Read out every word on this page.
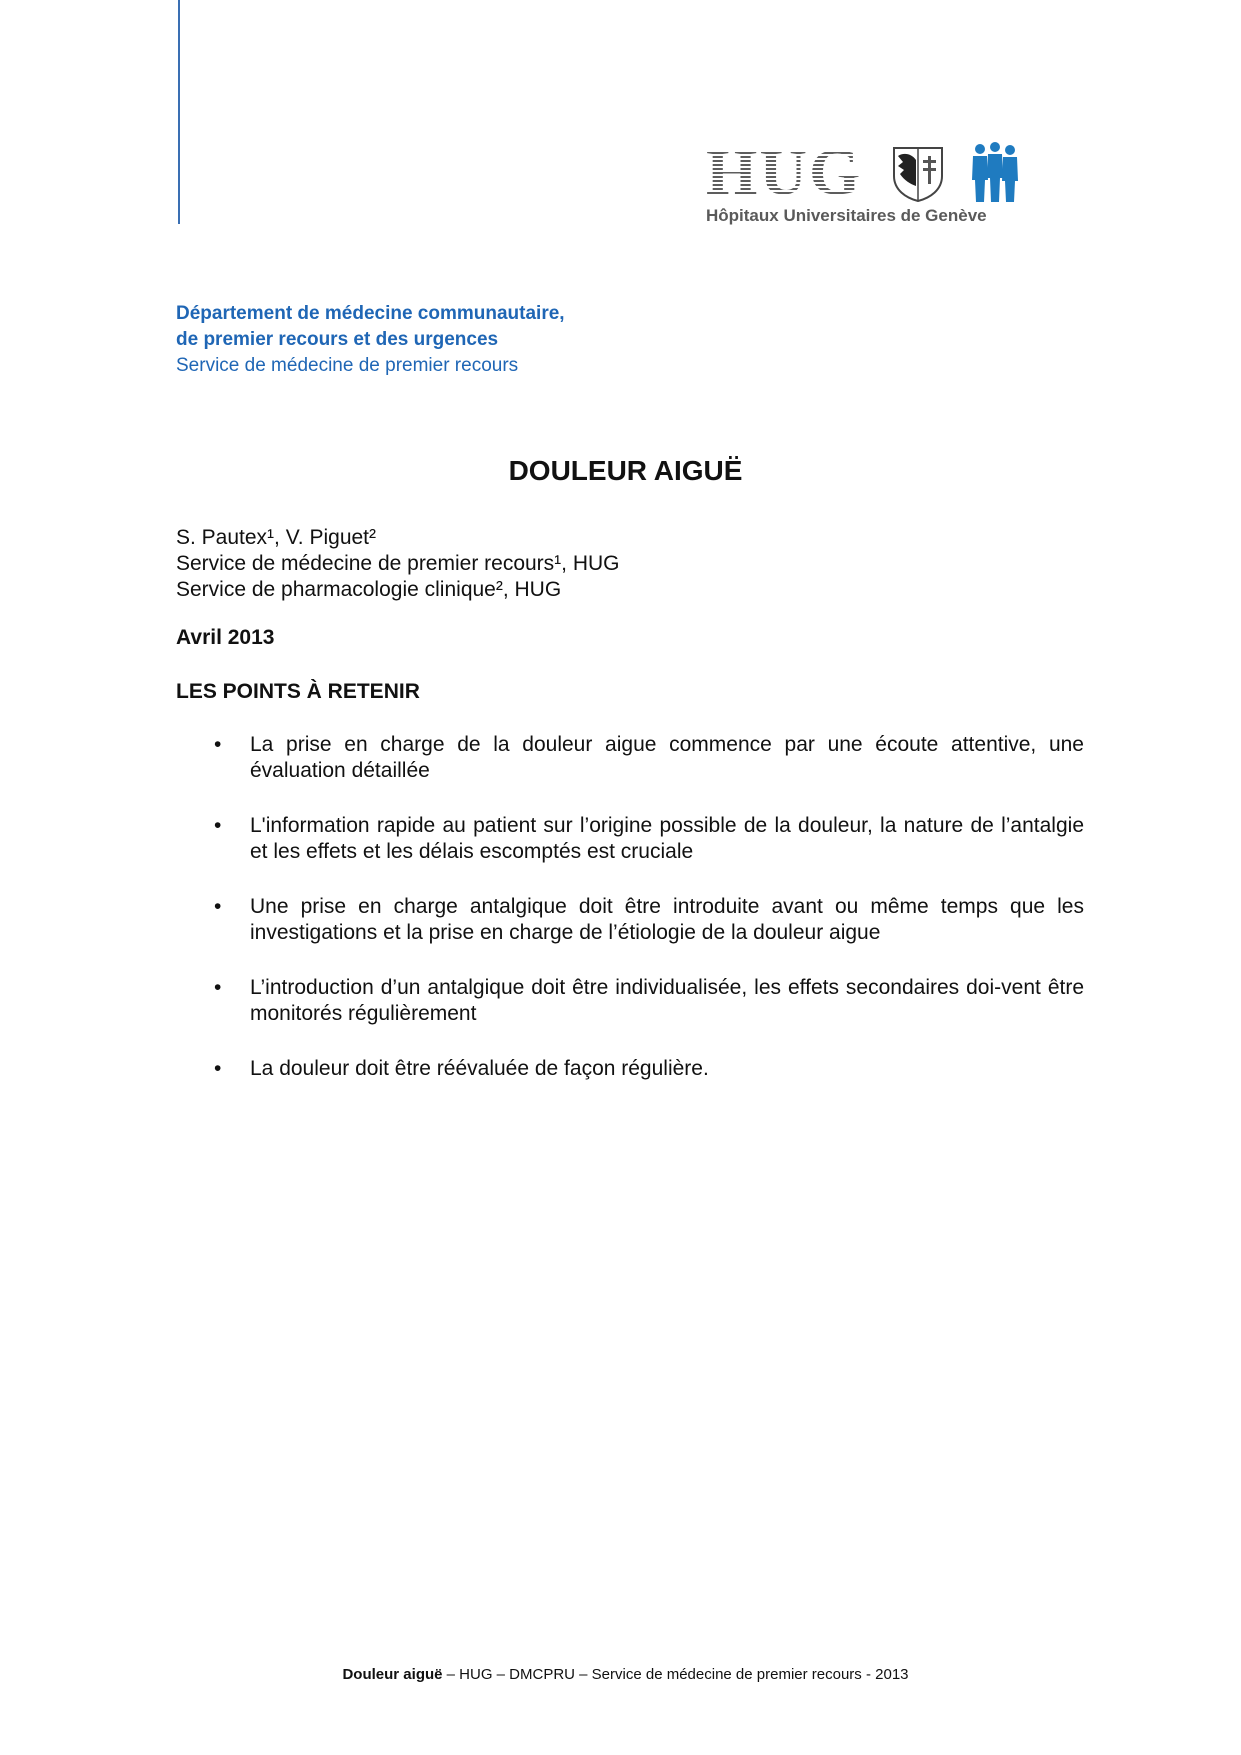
HUG
Hôpitaux Universitaires de Genève
Département de médecine communautaire,
de premier recours et des urgences
Service de médecine de premier recours
DOULEUR AIGUË
S. Pautex¹, V. Piguet²
Service de médecine de premier recours¹, HUG
Service de pharmacologie clinique², HUG
Avril 2013
LES POINTS À RETENIR
• La prise en charge de la douleur aigue commence par une écoute attentive, une évaluation détaillée
• L'information rapide au patient sur l’origine possible de la douleur, la nature de l’antalgie et les effets et les délais escomptés est cruciale
• Une prise en charge antalgique doit être introduite avant ou même temps que les investigations et la prise en charge de l’étiologie de la douleur aigue
• L’introduction d’un antalgique doit être individualisée, les effets secondaires doi-vent être monitorés régulièrement
• La douleur doit être réévaluée de façon régulière.
Douleur aiguë – HUG – DMCPRU – Service de médecine de premier recours - 2013
